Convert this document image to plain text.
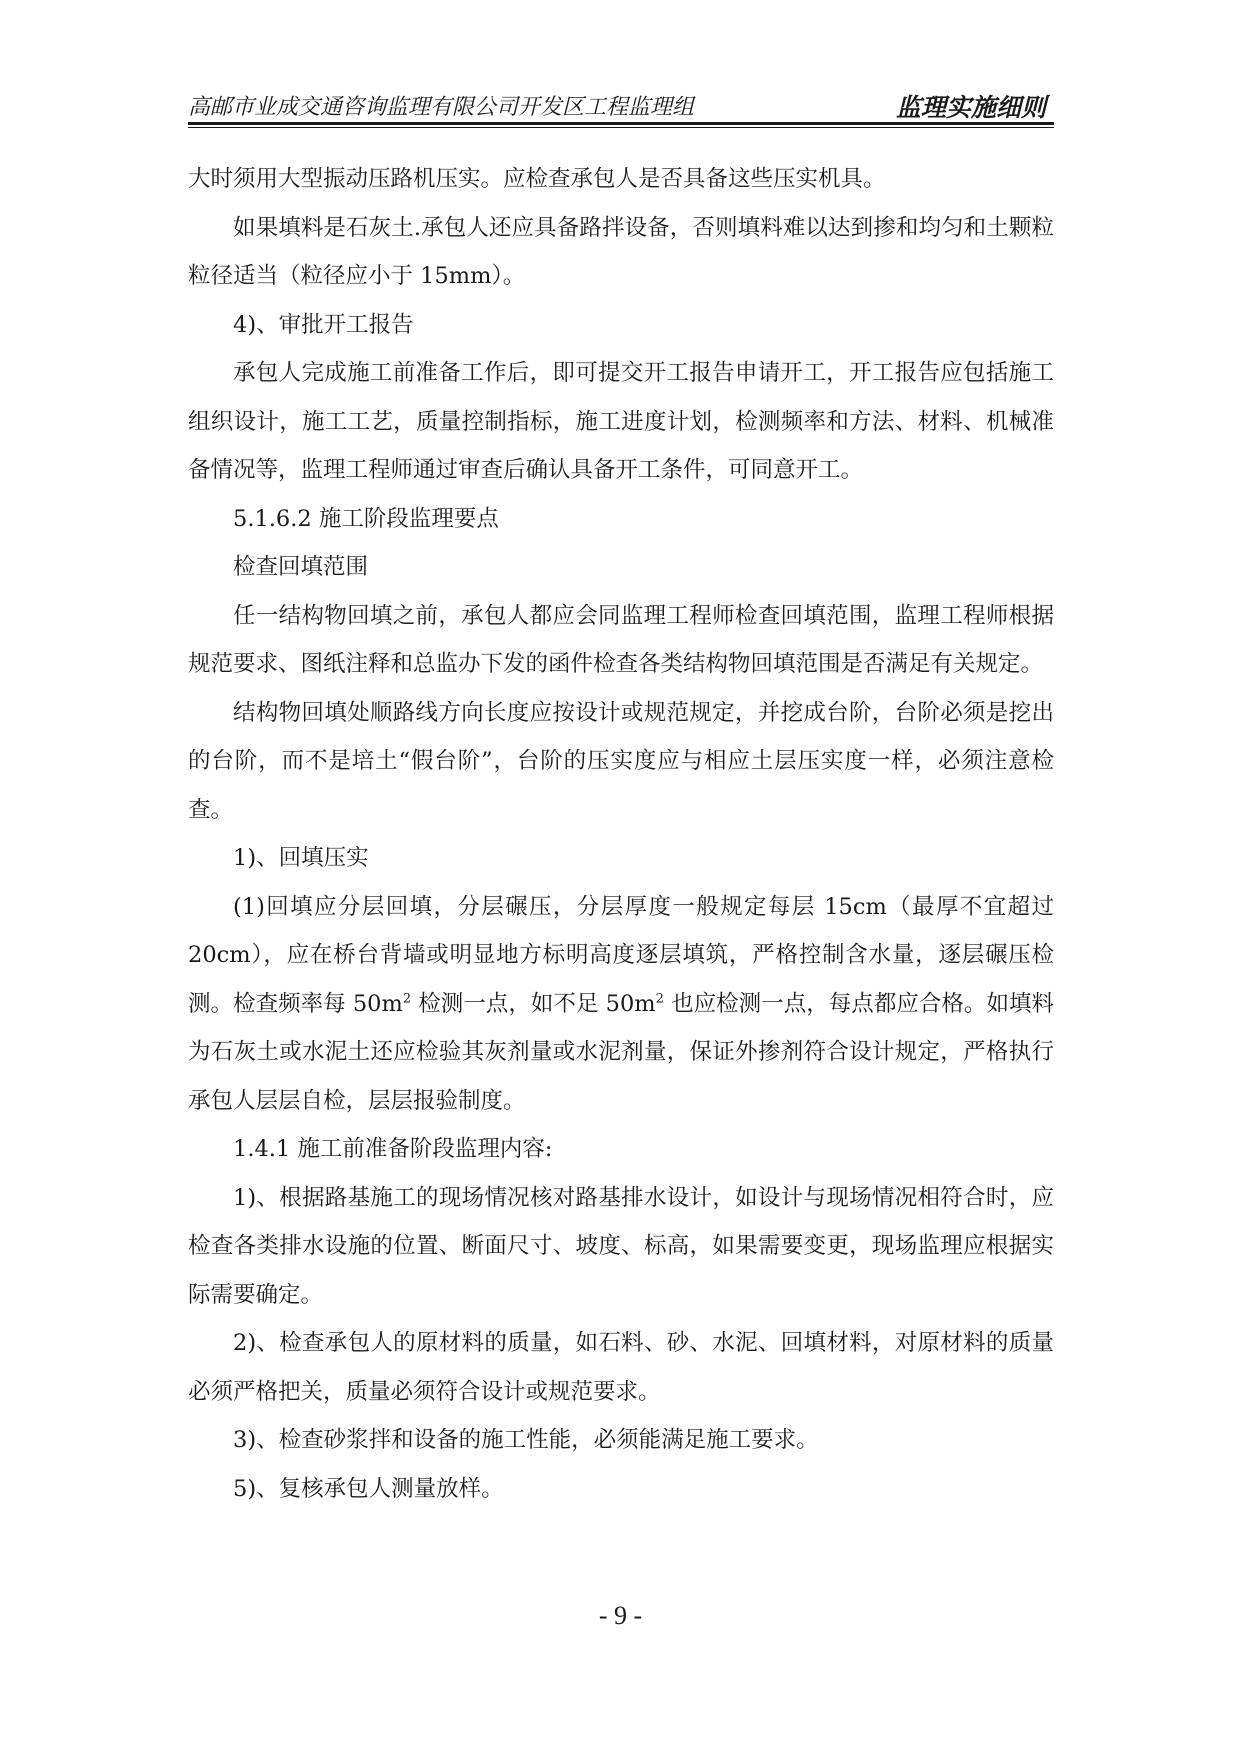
高邮市业成交通咨询监理有限公司开发区工程监理组	监理实施细则

大时须用大型振动压路机压实。应检查承包人是否具备这些压实机具。

如果填料是石灰土.承包人还应具备路拌设备，否则填料难以达到掺和均匀和土颗粒粒径适当（粒径应小于 15mm）。

4)、审批开工报告

承包人完成施工前准备工作后，即可提交开工报告申请开工，开工报告应包括施工组织设计，施工工艺，质量控制指标，施工进度计划，检测频率和方法、材料、机械准备情况等，监理工程师通过审查后确认具备开工条件，可同意开工。

5.1.6.2 施工阶段监理要点

检查回填范围

任一结构物回填之前，承包人都应会同监理工程师检查回填范围，监理工程师根据规范要求、图纸注释和总监办下发的函件检查各类结构物回填范围是否满足有关规定。

结构物回填处顺路线方向长度应按设计或规范规定，并挖成台阶，台阶必须是挖出的台阶，而不是培土“假台阶”，台阶的压实度应与相应土层压实度一样，必须注意检查。

1)、回填压实

(1)回填应分层回填，分层碾压，分层厚度一般规定每层 15cm（最厚不宜超过 20cm），应在桥台背墙或明显地方标明高度逐层填筑，严格控制含水量，逐层碾压检测。检查频率每 $50m^2$ 检测一点，如不足 $50m^2$ 也应检测一点，每点都应合格。如填料为石灰土或水泥土还应检验其灰剂量或水泥剂量，保证外掺剂符合设计规定，严格执行承包人层层自检，层层报验制度。

1.4.1 施工前准备阶段监理内容:

1)、根据路基施工的现场情况核对路基排水设计，如设计与现场情况相符合时，应检查各类排水设施的位置、断面尺寸、坡度、标高，如果需要变更，现场监理应根据实际需要确定。

2)、检查承包人的原材料的质量，如石料、砂、水泥、回填材料，对原材料的质量必须严格把关，质量必须符合设计或规范要求。

3)、检查砂浆拌和设备的施工性能，必须能满足施工要求。

5)、复核承包人测量放样。

- 9 -
